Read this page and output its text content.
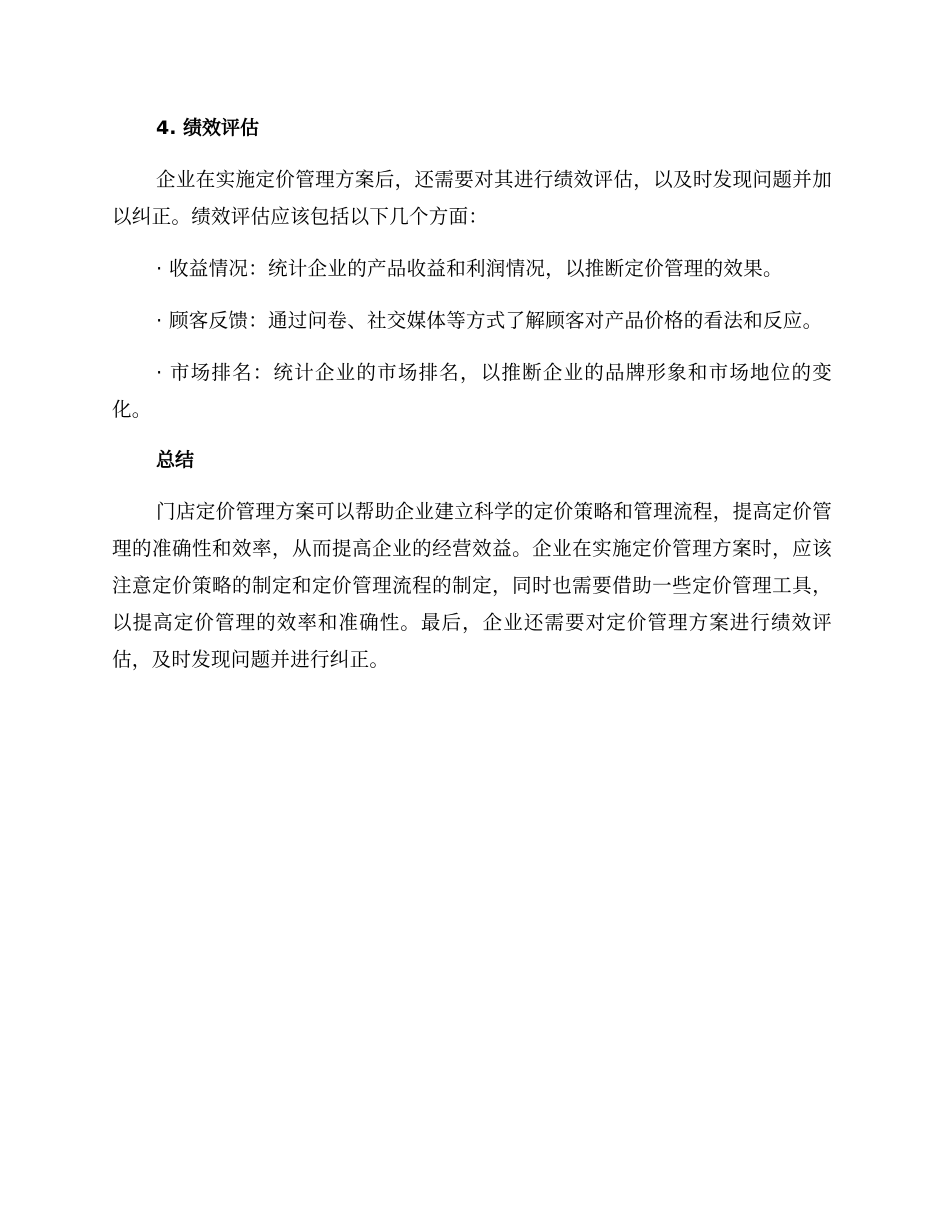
4. 绩效评估

企业在实施定价管理方案后，还需要对其进行绩效评估，以及时发现问题并加以纠正。绩效评估应该包括以下几个方面：

· 收益情况：统计企业的产品收益和利润情况，以推断定价管理的效果。

· 顾客反馈：通过问卷、社交媒体等方式了解顾客对产品价格的看法和反应。

· 市场排名：统计企业的市场排名，以推断企业的品牌形象和市场地位的变化。

总结

门店定价管理方案可以帮助企业建立科学的定价策略和管理流程，提高定价管理的准确性和效率，从而提高企业的经营效益。企业在实施定价管理方案时，应该注意定价策略的制定和定价管理流程的制定，同时也需要借助一些定价管理工具，以提高定价管理的效率和准确性。最后，企业还需要对定价管理方案进行绩效评估，及时发现问题并进行纠正。
